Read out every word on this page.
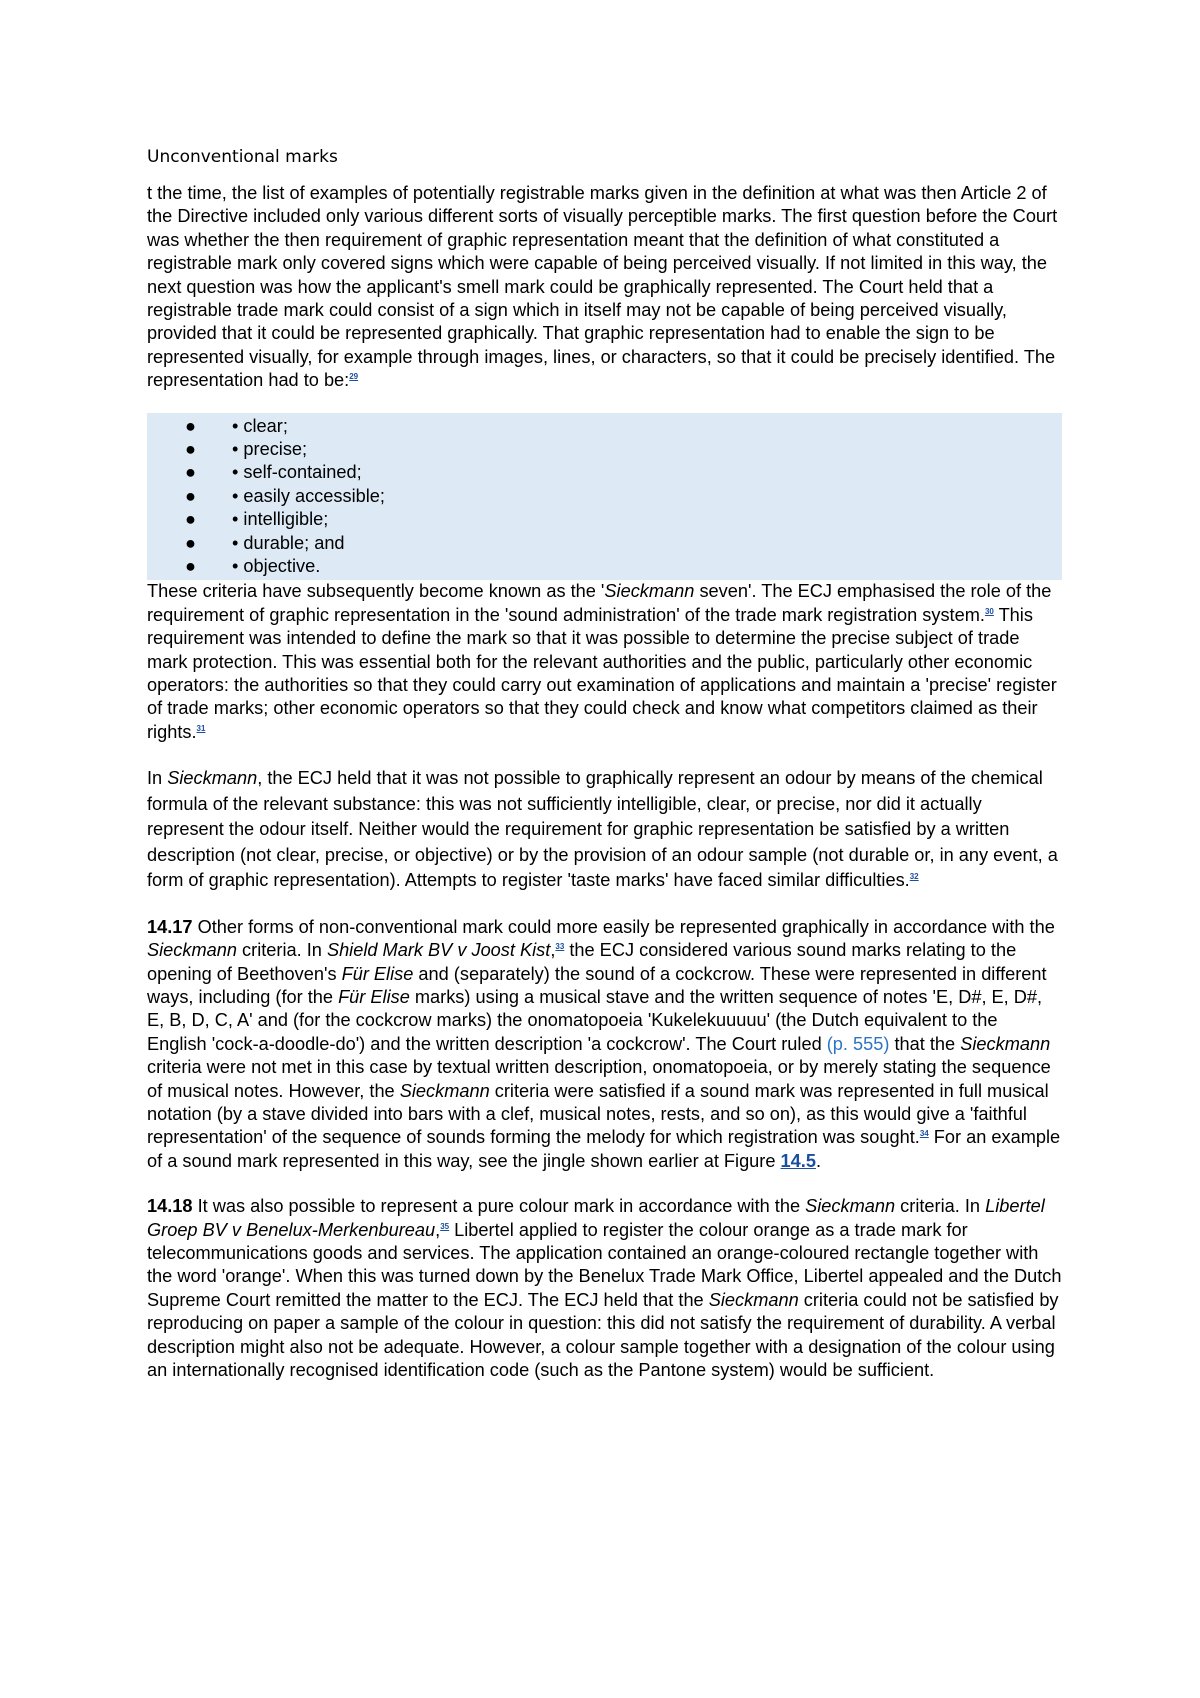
Unconventional marks

t the time, the list of examples of potentially registrable marks given in the definition at what was then Article 2 of the Directive included only various different sorts of visually perceptible marks. The first question before the Court was whether the then requirement of graphic representation meant that the definition of what constituted a registrable mark only covered signs which were capable of being perceived visually. If not limited in this way, the next question was how the applicant's smell mark could be graphically represented. The Court held that a registrable trade mark could consist of a sign which in itself may not be capable of being perceived visually, provided that it could be represented graphically. That graphic representation had to enable the sign to be represented visually, for example through images, lines, or characters, so that it could be precisely identified. The representation had to be:$^{29}$

● • clear;
● • precise;
● • self-contained;
● • easily accessible;
● • intelligible;
● • durable; and
● • objective.

These criteria have subsequently become known as the 'Sieckmann seven'. The ECJ emphasised the role of the requirement of graphic representation in the 'sound administration' of the trade mark registration system.$^{30}$ This requirement was intended to define the mark so that it was possible to determine the precise subject of trade mark protection. This was essential both for the relevant authorities and the public, particularly other economic operators: the authorities so that they could carry out examination of applications and maintain a 'precise' register of trade marks; other economic operators so that they could check and know what competitors claimed as their rights.$^{31}$

In Sieckmann, the ECJ held that it was not possible to graphically represent an odour by means of the chemical formula of the relevant substance: this was not sufficiently intelligible, clear, or precise, nor did it actually represent the odour itself. Neither would the requirement for graphic representation be satisfied by a written description (not clear, precise, or objective) or by the provision of an odour sample (not durable or, in any event, a form of graphic representation). Attempts to register 'taste marks' have faced similar difficulties.$^{32}$

14.17 Other forms of non-conventional mark could more easily be represented graphically in accordance with the Sieckmann criteria. In Shield Mark BV v Joost Kist,$^{33}$ the ECJ considered various sound marks relating to the opening of Beethoven's Für Elise and (separately) the sound of a cockcrow. These were represented in different ways, including (for the Für Elise marks) using a musical stave and the written sequence of notes 'E, D#, E, D#, E, B, D, C, A' and (for the cockcrow marks) the onomatopoeia 'Kukelekuuuuu' (the Dutch equivalent to the English 'cock-a-doodle-do') and the written description 'a cockcrow'. The Court ruled (p. 555) that the Sieckmann criteria were not met in this case by textual written description, onomatopoeia, or by merely stating the sequence of musical notes. However, the Sieckmann criteria were satisfied if a sound mark was represented in full musical notation (by a stave divided into bars with a clef, musical notes, rests, and so on), as this would give a 'faithful representation' of the sequence of sounds forming the melody for which registration was sought.$^{34}$ For an example of a sound mark represented in this way, see the jingle shown earlier at Figure 14.5.

14.18 It was also possible to represent a pure colour mark in accordance with the Sieckmann criteria. In Libertel Groep BV v Benelux-Merkenbureau,$^{35}$ Libertel applied to register the colour orange as a trade mark for telecommunications goods and services. The application contained an orange-coloured rectangle together with the word 'orange'. When this was turned down by the Benelux Trade Mark Office, Libertel appealed and the Dutch Supreme Court remitted the matter to the ECJ. The ECJ held that the Sieckmann criteria could not be satisfied by reproducing on paper a sample of the colour in question: this did not satisfy the requirement of durability. A verbal description might also not be adequate. However, a colour sample together with a designation of the colour using an internationally recognised identification code (such as the Pantone system) would be sufficient.
